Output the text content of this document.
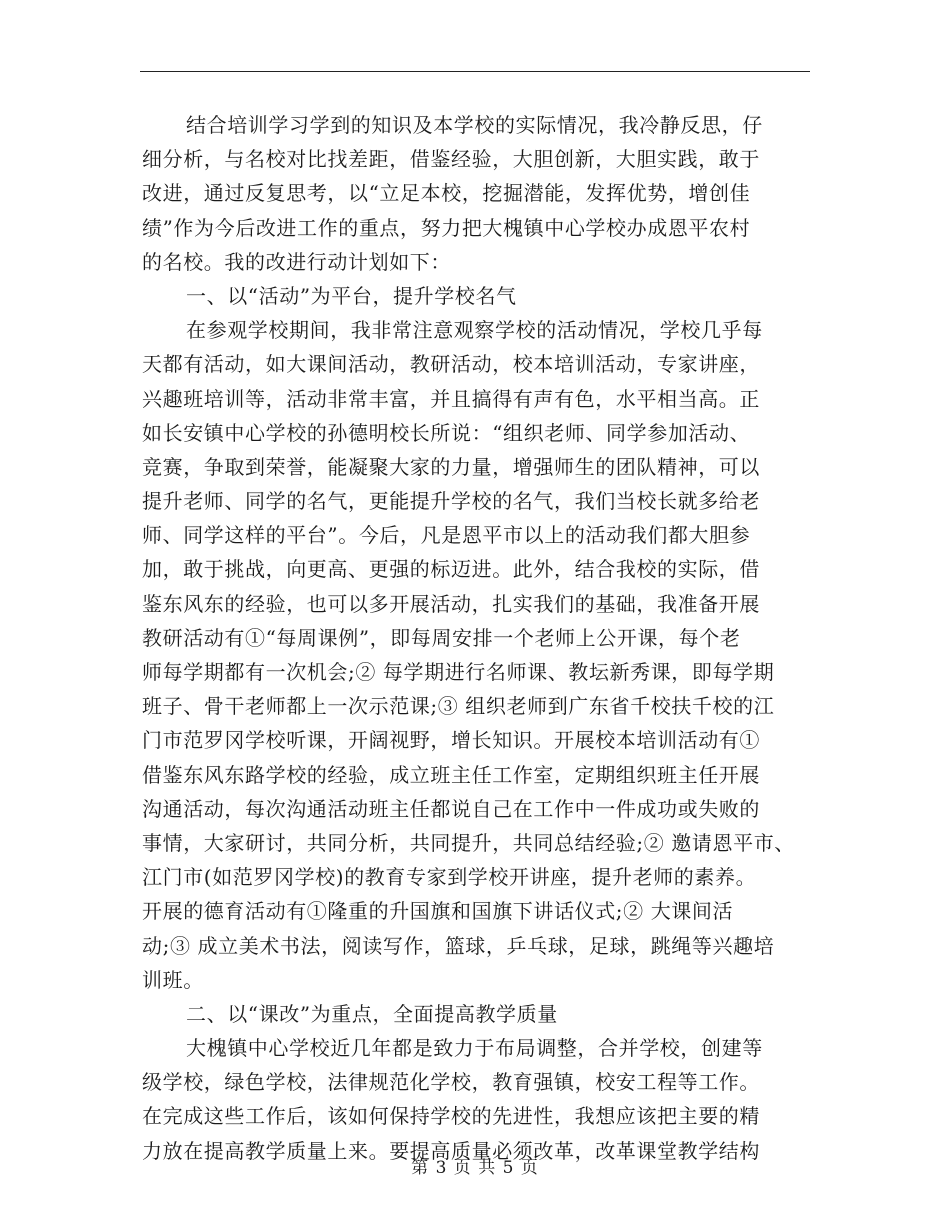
结合培训学习学到的知识及本学校的实际情况，我冷静反思，仔
细分析，与名校对比找差距，借鉴经验，大胆创新，大胆实践，敢于
改进，通过反复思考，以“立足本校，挖掘潜能，发挥优势，增创佳
绩”作为今后改进工作的重点，努力把大槐镇中心学校办成恩平农村
的名校。我的改进行动计划如下：
一、以“活动”为平台，提升学校名气
在参观学校期间，我非常注意观察学校的活动情况，学校几乎每
天都有活动，如大课间活动，教研活动，校本培训活动，专家讲座，
兴趣班培训等，活动非常丰富，并且搞得有声有色，水平相当高。正
如长安镇中心学校的孙德明校长所说：“组织老师、同学参加活动、
竞赛，争取到荣誉，能凝聚大家的力量，增强师生的团队精神，可以
提升老师、同学的名气，更能提升学校的名气，我们当校长就多给老
师、同学这样的平台”。今后，凡是恩平市以上的活动我们都大胆参
加，敢于挑战，向更高、更强的标迈进。此外，结合我校的实际，借
鉴东风东的经验，也可以多开展活动，扎实我们的基础，我准备开展
教研活动有①“每周课例”，即每周安排一个老师上公开课，每个老
师每学期都有一次机会;② 每学期进行名师课、教坛新秀课，即每学期
班子、骨干老师都上一次示范课;③ 组织老师到广东省千校扶千校的江
门市范罗冈学校听课，开阔视野，增长知识。开展校本培训活动有①
借鉴东风东路学校的经验，成立班主任工作室，定期组织班主任开展
沟通活动，每次沟通活动班主任都说自己在工作中一件成功或失败的
事情，大家研讨，共同分析，共同提升，共同总结经验;② 邀请恩平市、
江门市(如范罗冈学校)的教育专家到学校开讲座，提升老师的素养。
开展的德育活动有①隆重的升国旗和国旗下讲话仪式;② 大课间活
动;③ 成立美术书法，阅读写作，篮球，乒乓球，足球，跳绳等兴趣培
训班。
二、以“课改”为重点，全面提高教学质量
大槐镇中心学校近几年都是致力于布局调整，合并学校，创建等
级学校，绿色学校，法律规范化学校，教育强镇，校安工程等工作。
在完成这些工作后，该如何保持学校的先进性，我想应该把主要的精
力放在提高教学质量上来。要提高质量必须改革，改革课堂教学结构
第 3 页 共 5 页
